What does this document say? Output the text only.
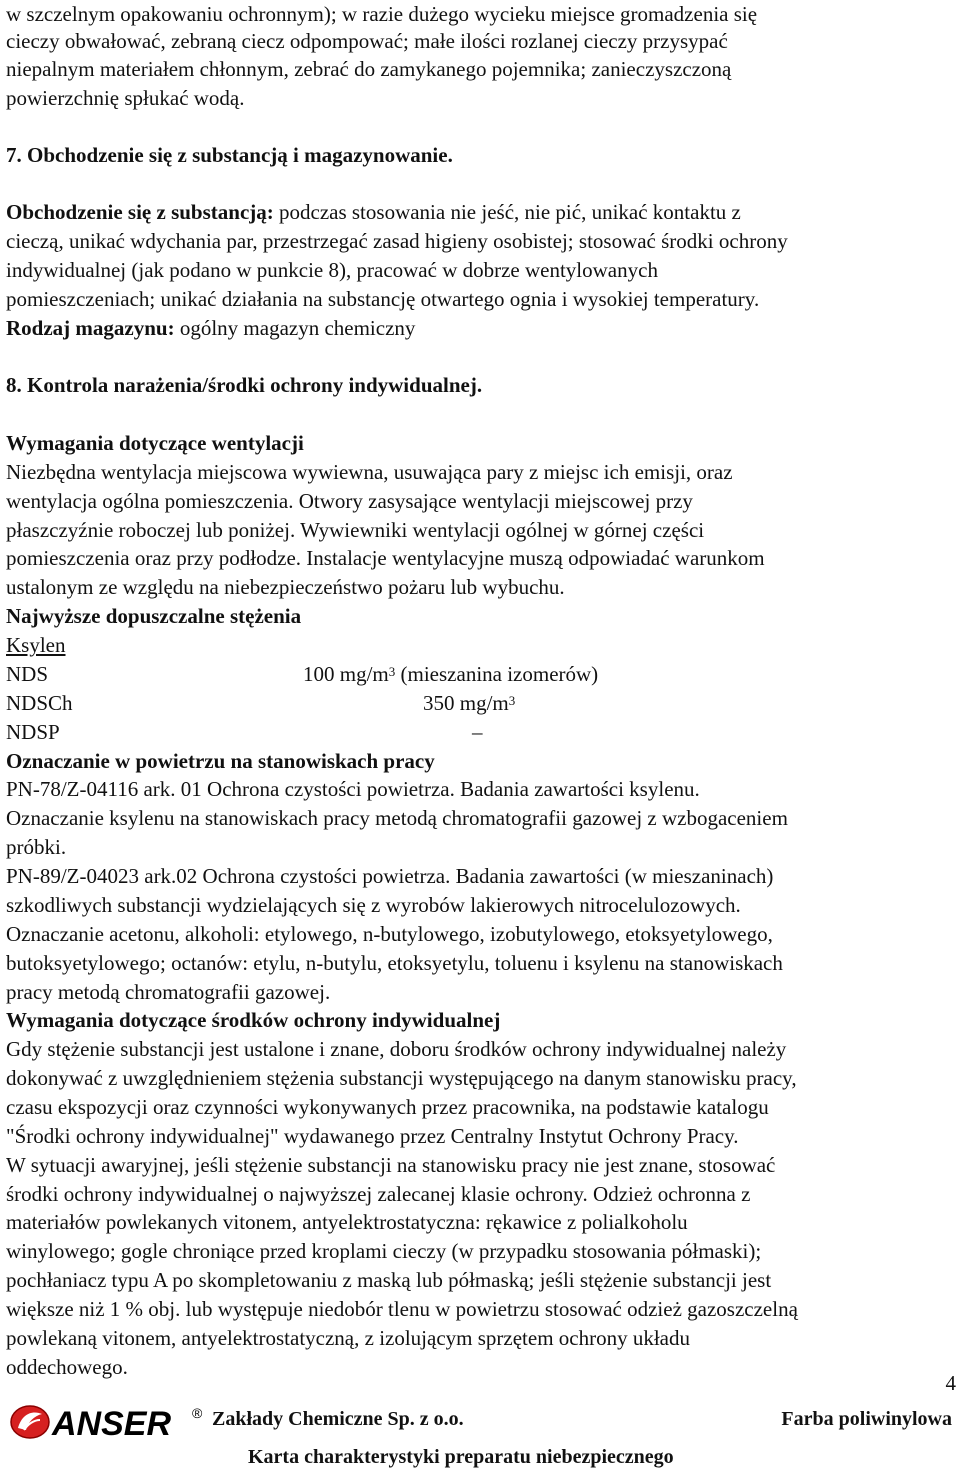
w szczelnym opakowaniu ochronnym); w razie dużego wycieku miejsce gromadzenia się
cieczy obwałować, zebraną ciecz odpompować; małe ilości rozlanej cieczy przysypać
niepalnym materiałem chłonnym, zebrać do zamykanego pojemnika; zanieczyszczoną
powierzchnię spłukać wodą.
7. Obchodzenie się z substancją i magazynowanie.
Obchodzenie się z substancją: podczas stosowania nie jeść, nie pić, unikać kontaktu z
cieczą, unikać wdychania par, przestrzegać zasad higieny osobistej; stosować środki ochrony
indywidualnej (jak podano w punkcie 8), pracować w dobrze wentylowanych
pomieszczeniach; unikać działania na substancję otwartego ognia i wysokiej temperatury.
Rodzaj magazynu: ogólny magazyn chemiczny
8. Kontrola narażenia/środki ochrony indywidualnej.
Wymagania dotyczące wentylacji
Niezbędna wentylacja miejscowa wywiewna, usuwająca pary z miejsc ich emisji, oraz
wentylacja ogólna pomieszczenia. Otwory zasysające wentylacji miejscowej przy
płaszczyźnie roboczej lub poniżej. Wywiewniki wentylacji ogólnej w górnej części
pomieszczenia oraz przy podłodze. Instalacje wentylacyjne muszą odpowiadać warunkom
ustalonym ze względu na niebezpieczeństwo pożaru lub wybuchu.
Najwyższe dopuszczalne stężenia
Ksylen
NDS	100 $mg/m^3$ (mieszanina izomerów)
NDSCh	350 $mg/m^3$
NDSP	–
Oznaczanie w powietrzu na stanowiskach pracy
PN-78/Z-04116 ark. 01 Ochrona czystości powietrza. Badania zawartości ksylenu.
Oznaczanie ksylenu na stanowiskach pracy metodą chromatografii gazowej z wzbogaceniem
próbki.
PN-89/Z-04023 ark.02 Ochrona czystości powietrza. Badania zawartości (w mieszaninach)
szkodliwych substancji wydzielających się z wyrobów lakierowych nitrocelulozowych.
Oznaczanie acetonu, alkoholi: etylowego, n-butylowego, izobutylowego, etoksyetylowego,
butoksyetylowego; octanów: etylu, n-butylu, etoksyetylu, toluenu i ksylenu na stanowiskach
pracy metodą chromatografii gazowej.
Wymagania dotyczące środków ochrony indywidualnej
Gdy stężenie substancji jest ustalone i znane, doboru środków ochrony indywidualnej należy
dokonywać z uwzględnieniem stężenia substancji występującego na danym stanowisku pracy,
czasu ekspozycji oraz czynności wykonywanych przez pracownika, na podstawie katalogu
"Środki ochrony indywidualnej" wydawanego przez Centralny Instytut Ochrony Pracy.
W sytuacji awaryjnej, jeśli stężenie substancji na stanowisku pracy nie jest znane, stosować
środki ochrony indywidualnej o najwyższej zalecanej klasie ochrony. Odzież ochronna z
materiałów powlekanych vitonem, antyelektrostatyczna: rękawice z polialkoholu
winylowego; gogle chroniące przed kroplami cieczy (w przypadku stosowania półmaski);
pochłaniacz typu A po skompletowaniu z maską lub półmaską; jeśli stężenie substancji jest
większe niż 1 % obj. lub występuje niedobór tlenu w powietrzu stosować odzież gazoszczelną
powlekaną vitonem, antyelektrostatyczną, z izolującym sprzętem ochrony układu
oddechowego.
4
ANSER ® Zakłady Chemiczne Sp. z o.o.	Farba poliwinylowa
Karta charakterystyki preparatu niebezpiecznego
